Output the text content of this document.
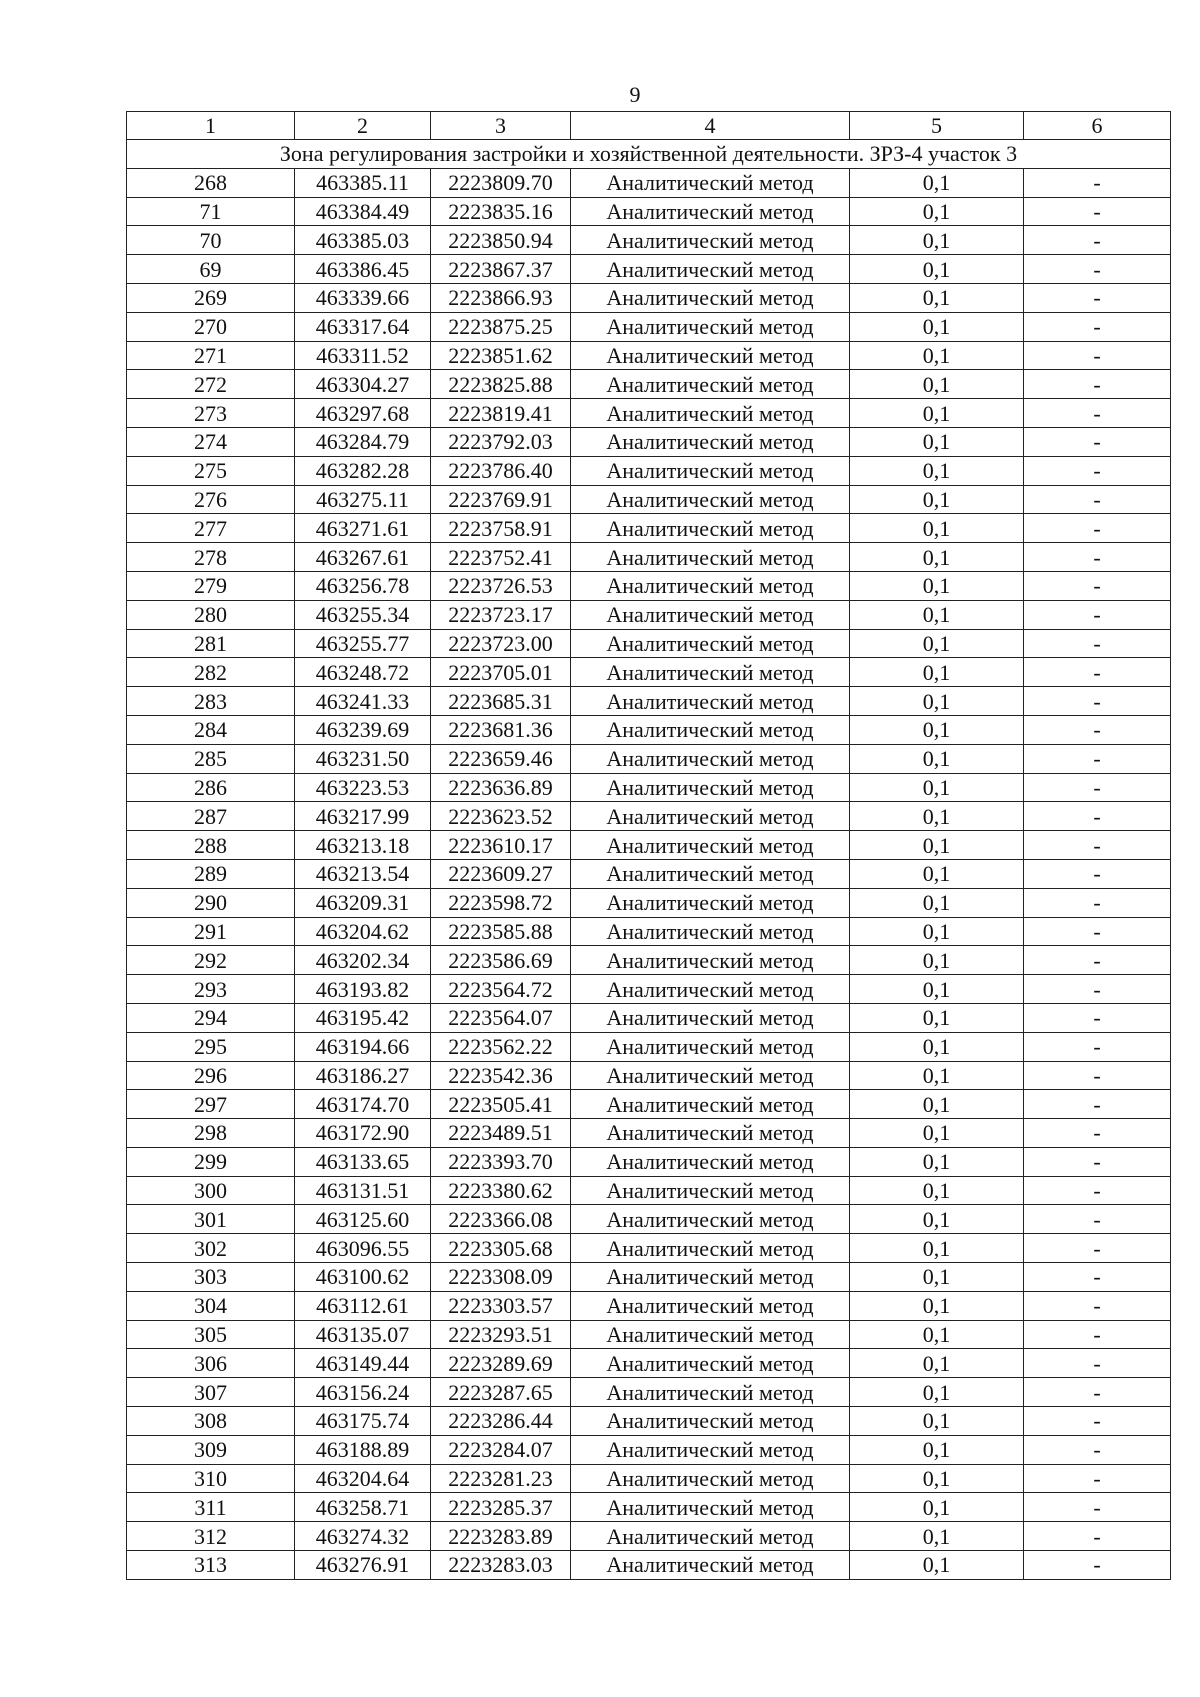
9
1	2	3	4	5	6
Зона регулирования застройки и хозяйственной деятельности. ЗРЗ-4 участок 3					
268	463385.11	2223809.70	Аналитический метод	0,1	-
71	463384.49	2223835.16	Аналитический метод	0,1	-
70	463385.03	2223850.94	Аналитический метод	0,1	-
69	463386.45	2223867.37	Аналитический метод	0,1	-
269	463339.66	2223866.93	Аналитический метод	0,1	-
270	463317.64	2223875.25	Аналитический метод	0,1	-
271	463311.52	2223851.62	Аналитический метод	0,1	-
272	463304.27	2223825.88	Аналитический метод	0,1	-
273	463297.68	2223819.41	Аналитический метод	0,1	-
274	463284.79	2223792.03	Аналитический метод	0,1	-
275	463282.28	2223786.40	Аналитический метод	0,1	-
276	463275.11	2223769.91	Аналитический метод	0,1	-
277	463271.61	2223758.91	Аналитический метод	0,1	-
278	463267.61	2223752.41	Аналитический метод	0,1	-
279	463256.78	2223726.53	Аналитический метод	0,1	-
280	463255.34	2223723.17	Аналитический метод	0,1	-
281	463255.77	2223723.00	Аналитический метод	0,1	-
282	463248.72	2223705.01	Аналитический метод	0,1	-
283	463241.33	2223685.31	Аналитический метод	0,1	-
284	463239.69	2223681.36	Аналитический метод	0,1	-
285	463231.50	2223659.46	Аналитический метод	0,1	-
286	463223.53	2223636.89	Аналитический метод	0,1	-
287	463217.99	2223623.52	Аналитический метод	0,1	-
288	463213.18	2223610.17	Аналитический метод	0,1	-
289	463213.54	2223609.27	Аналитический метод	0,1	-
290	463209.31	2223598.72	Аналитический метод	0,1	-
291	463204.62	2223585.88	Аналитический метод	0,1	-
292	463202.34	2223586.69	Аналитический метод	0,1	-
293	463193.82	2223564.72	Аналитический метод	0,1	-
294	463195.42	2223564.07	Аналитический метод	0,1	-
295	463194.66	2223562.22	Аналитический метод	0,1	-
296	463186.27	2223542.36	Аналитический метод	0,1	-
297	463174.70	2223505.41	Аналитический метод	0,1	-
298	463172.90	2223489.51	Аналитический метод	0,1	-
299	463133.65	2223393.70	Аналитический метод	0,1	-
300	463131.51	2223380.62	Аналитический метод	0,1	-
301	463125.60	2223366.08	Аналитический метод	0,1	-
302	463096.55	2223305.68	Аналитический метод	0,1	-
303	463100.62	2223308.09	Аналитический метод	0,1	-
304	463112.61	2223303.57	Аналитический метод	0,1	-
305	463135.07	2223293.51	Аналитический метод	0,1	-
306	463149.44	2223289.69	Аналитический метод	0,1	-
307	463156.24	2223287.65	Аналитический метод	0,1	-
308	463175.74	2223286.44	Аналитический метод	0,1	-
309	463188.89	2223284.07	Аналитический метод	0,1	-
310	463204.64	2223281.23	Аналитический метод	0,1	-
311	463258.71	2223285.37	Аналитический метод	0,1	-
312	463274.32	2223283.89	Аналитический метод	0,1	-
313	463276.91	2223283.03	Аналитический метод	0,1	-
